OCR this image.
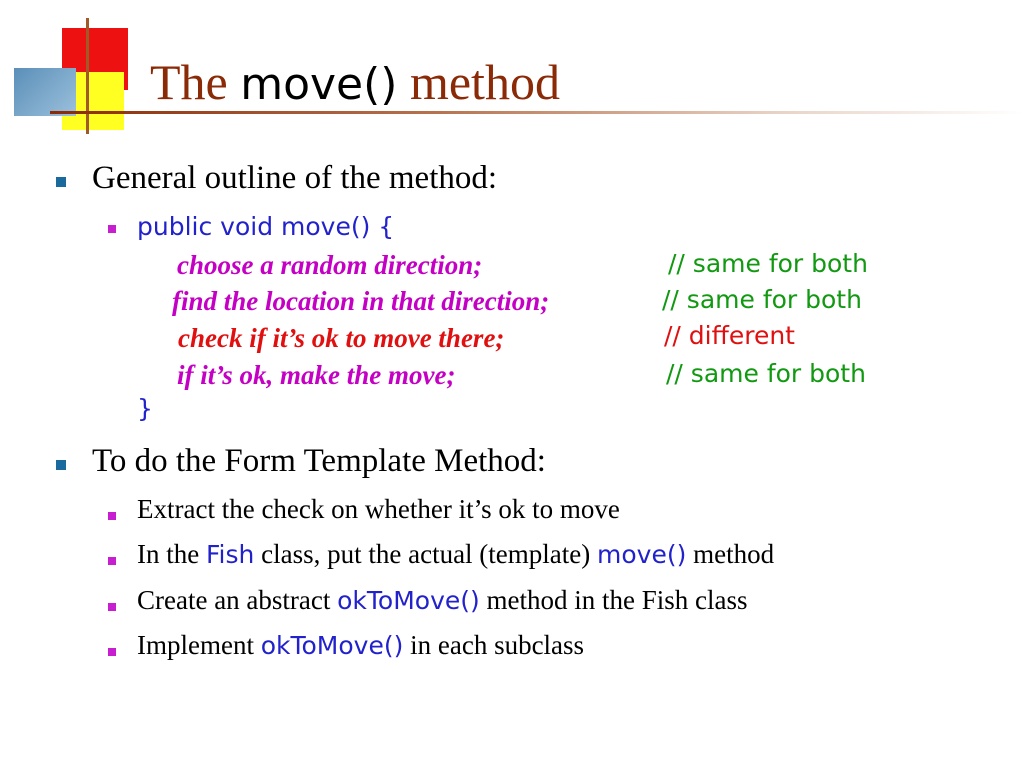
The move() method
General outline of the method:
public void move() {
choose a random direction;	// same for both
find the location in that direction;	// same for both
check if it’s ok to move there;	// different
if it’s ok, make the move;	// same for both
}
To do the Form Template Method:
Extract the check on whether it’s ok to move
In the Fish class, put the actual (template) move() method
Create an abstract okToMove() method in the Fish class
Implement okToMove() in each subclass
